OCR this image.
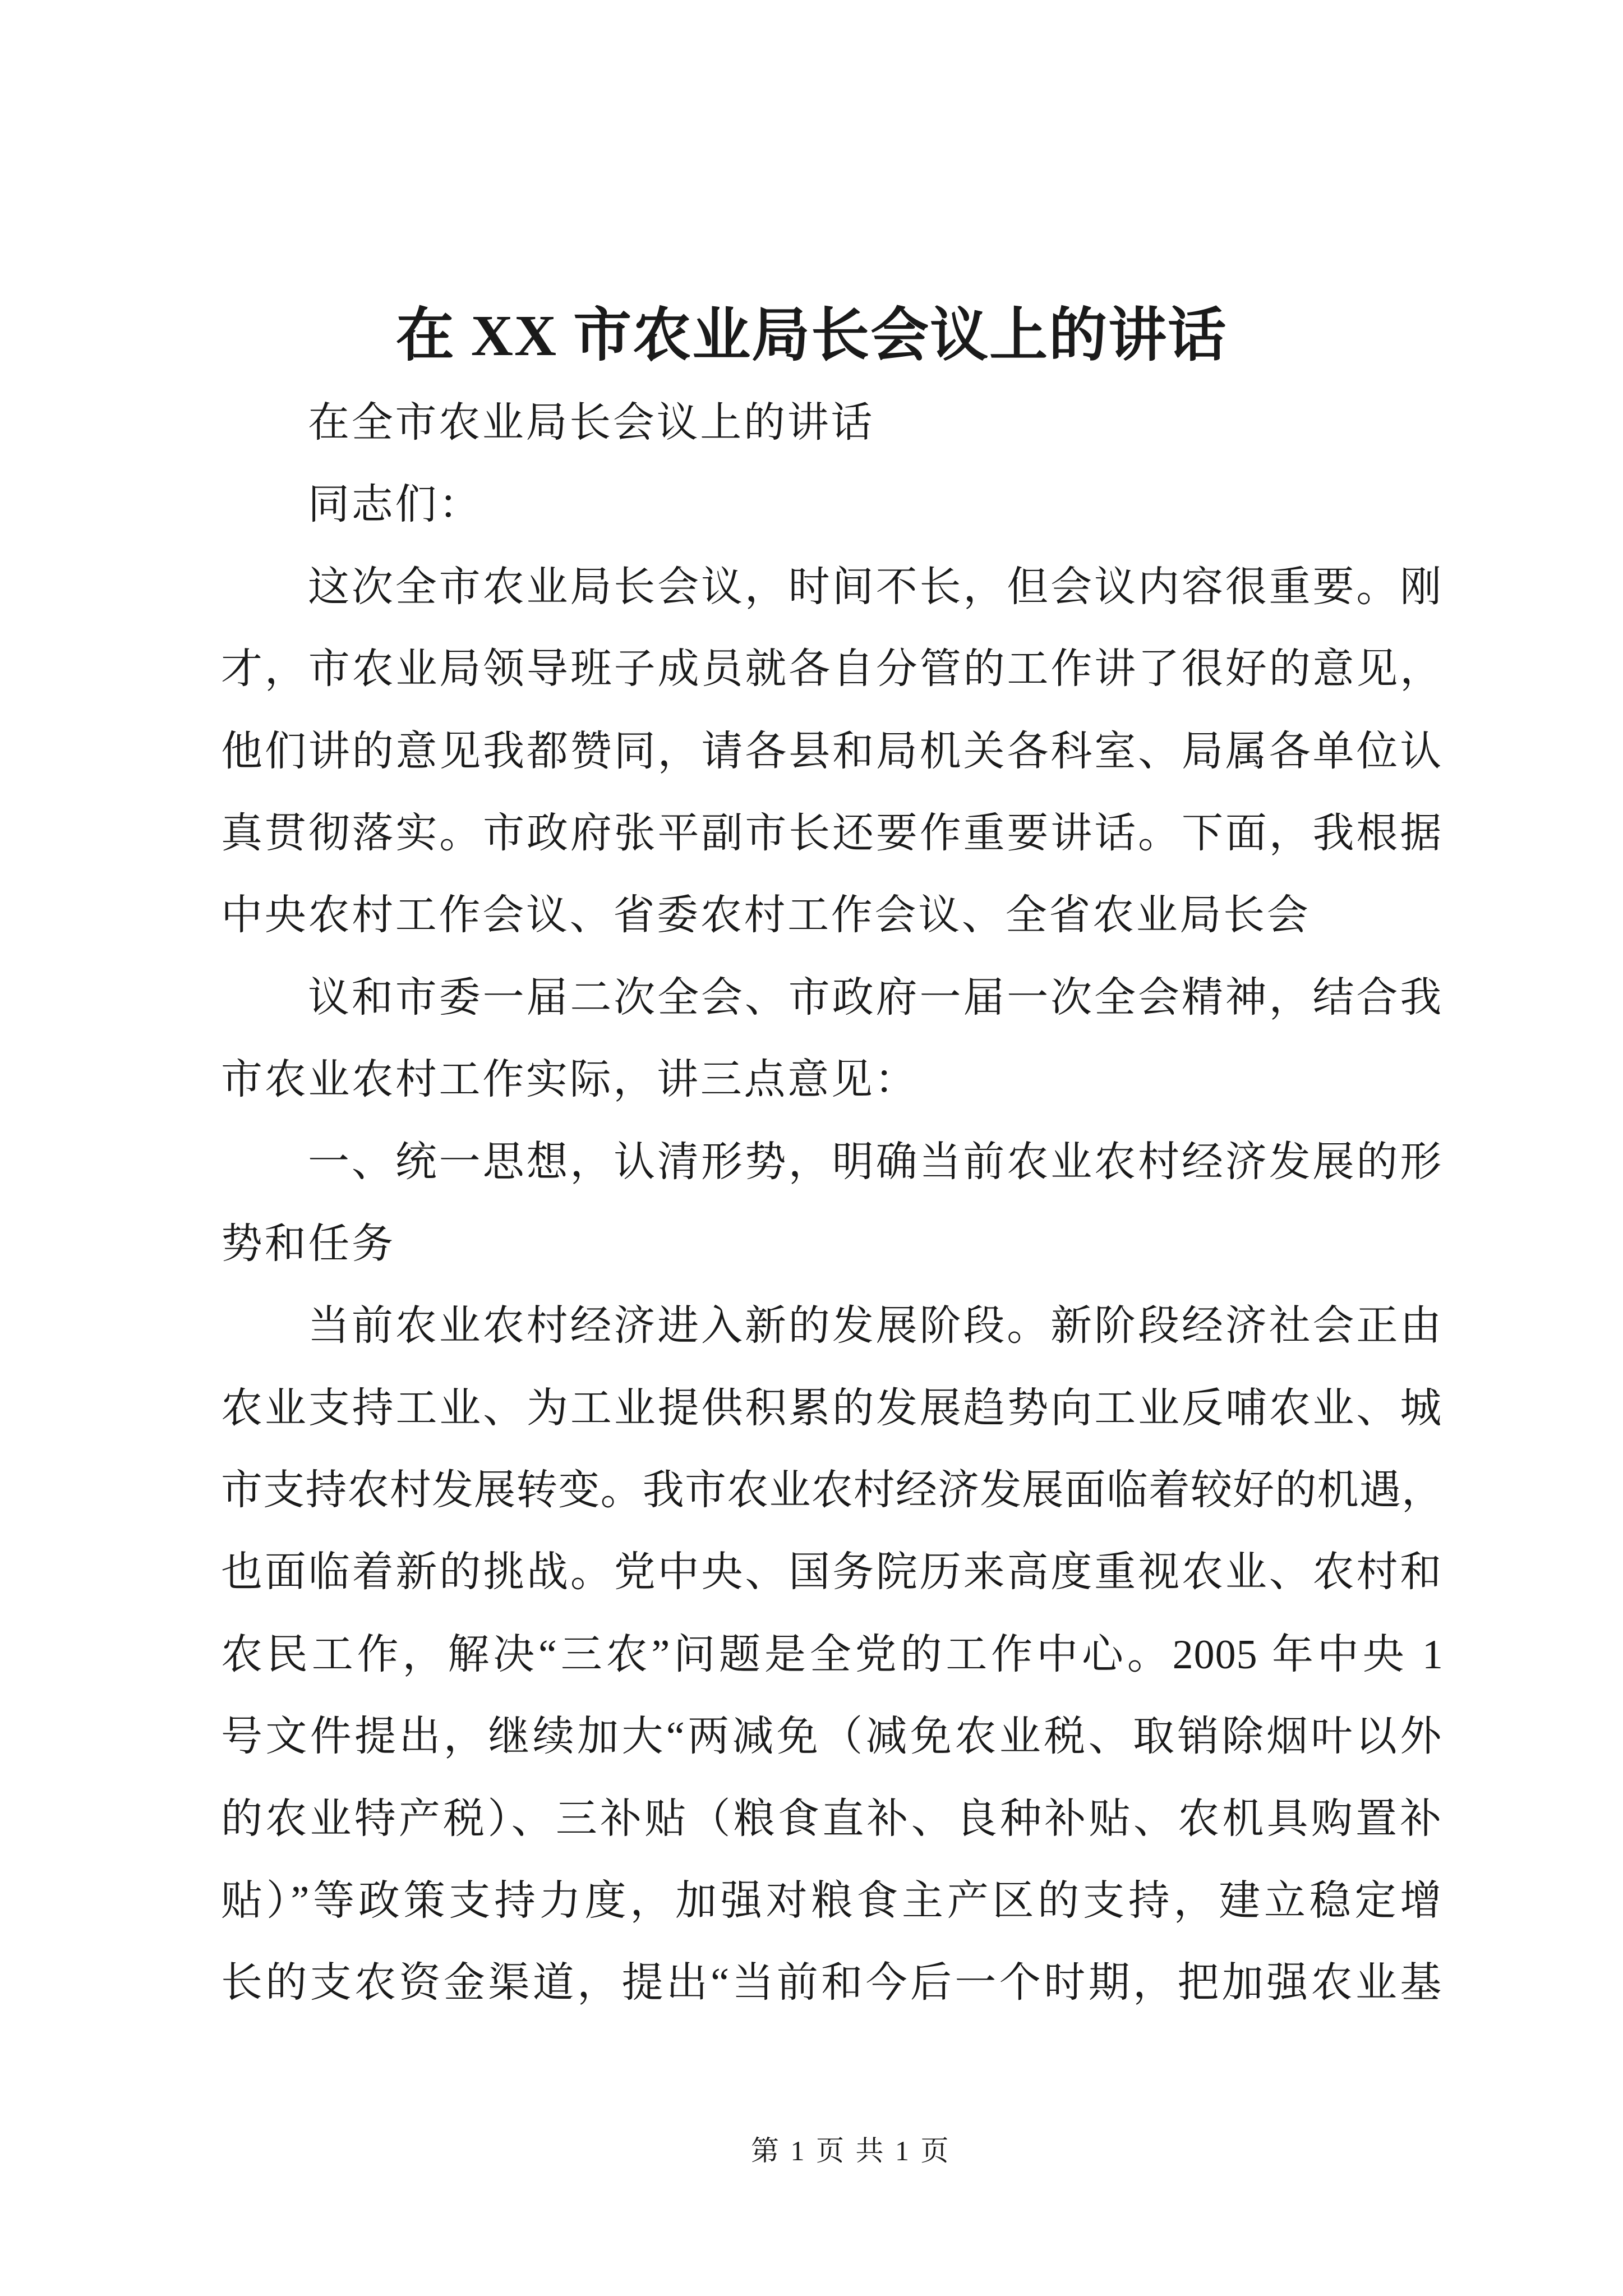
在 XX 市农业局长会议上的讲话
在全市农业局长会议上的讲话
同志们：
这次全市农业局长会议，时间不长，但会议内容很重要。刚
才，市农业局领导班子成员就各自分管的工作讲了很好的意见，
他们讲的意见我都赞同，请各县和局机关各科室、局属各单位认
真贯彻落实。市政府张平副市长还要作重要讲话。下面，我根据
中央农村工作会议、省委农村工作会议、全省农业局长会
议和市委一届二次全会、市政府一届一次全会精神，结合我
市农业农村工作实际，讲三点意见：
一、统一思想，认清形势，明确当前农业农村经济发展的形
势和任务
当前农业农村经济进入新的发展阶段。新阶段经济社会正由
农业支持工业、为工业提供积累的发展趋势向工业反哺农业、城
市支持农村发展转变。我市农业农村经济发展面临着较好的机遇，
也面临着新的挑战。党中央、国务院历来高度重视农业、农村和
农民工作，解决“三农”问题是全党的工作中心。2005 年中央 1
号文件提出，继续加大“两减免（减免农业税、取销除烟叶以外
的农业特产税）、三补贴（粮食直补、良种补贴、农机具购置补
贴）”等政策支持力度，加强对粮食主产区的支持，建立稳定增
长的支农资金渠道，提出“当前和今后一个时期，把加强农业基
第 1 页 共 1 页
